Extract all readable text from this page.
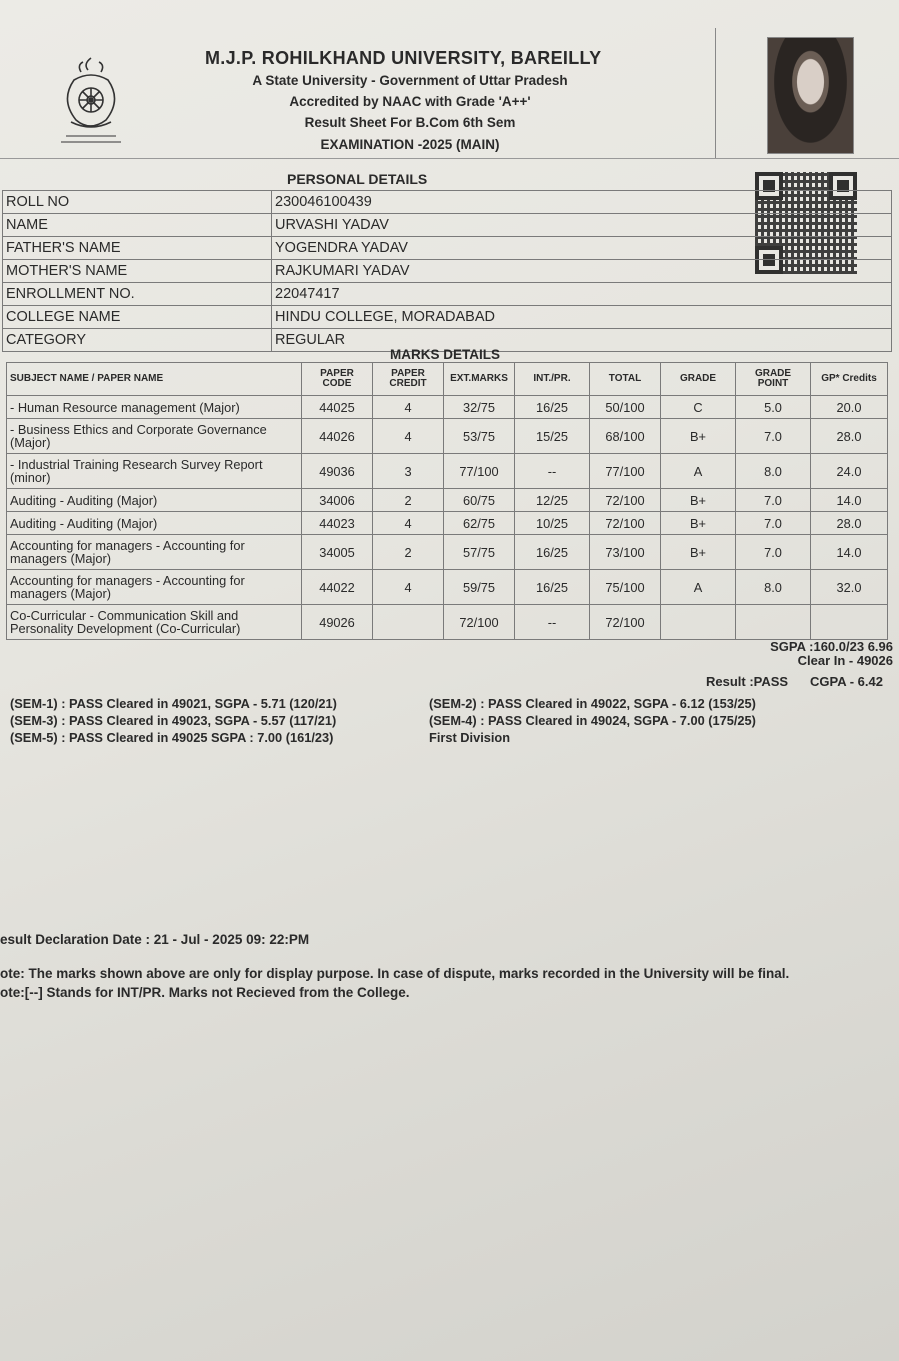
M.J.P. ROHILKHAND UNIVERSITY, BAREILLY
A State University - Government of Uttar Pradesh
Accredited by NAAC with Grade 'A++'
Result Sheet For B.Com 6th Sem
EXAMINATION -2025 (MAIN)
PERSONAL DETAILS
ROLL NO	230046100439
NAME	URVASHI YADAV
FATHER'S NAME	YOGENDRA YADAV
MOTHER'S NAME	RAJKUMARI YADAV
ENROLLMENT NO.	22047417
COLLEGE NAME	HINDU COLLEGE, MORADABAD
CATEGORY	REGULAR
MARKS DETAILS
SUBJECT NAME / PAPER NAME	PAPER CODE	PAPER CREDIT	EXT.MARKS	INT./PR.	TOTAL	GRADE	GRADE POINT	GP* Credits
- Human Resource management (Major)	44025	4	32/75	16/25	50/100	C	5.0	20.0
- Business Ethics and Corporate Governance (Major)	44026	4	53/75	15/25	68/100	B+	7.0	28.0
- Industrial Training Research Survey Report (minor)	49036	3	77/100	--	77/100	A	8.0	24.0
Auditing - Auditing (Major)	34006	2	60/75	12/25	72/100	B+	7.0	14.0
Auditing - Auditing (Major)	44023	4	62/75	10/25	72/100	B+	7.0	28.0
Accounting for managers - Accounting for managers (Major)	34005	2	57/75	16/25	73/100	B+	7.0	14.0
Accounting for managers - Accounting for managers (Major)	44022	4	59/75	16/25	75/100	A	8.0	32.0
Co-Curricular - Communication Skill and Personality Development (Co-Curricular)	49026		72/100	--	72/100			
SGPA :160.0/23 6.96
Clear In - 49026
Result :PASS CGPA - 6.42
(SEM-1) : PASS Cleared in 49021, SGPA - 5.71 (120/21)
(SEM-3) : PASS Cleared in 49023, SGPA - 5.57 (117/21)
(SEM-5) : PASS Cleared in 49025 SGPA : 7.00 (161/23)
(SEM-2) : PASS Cleared in 49022, SGPA - 6.12 (153/25)
(SEM-4) : PASS Cleared in 49024, SGPA - 7.00 (175/25)
First Division
esult Declaration Date : 21 - Jul - 2025 09: 22:PM
ote: The marks shown above are only for display purpose. In case of dispute, marks recorded in the University will be final.
ote:[--] Stands for INT/PR. Marks not Recieved from the College.
